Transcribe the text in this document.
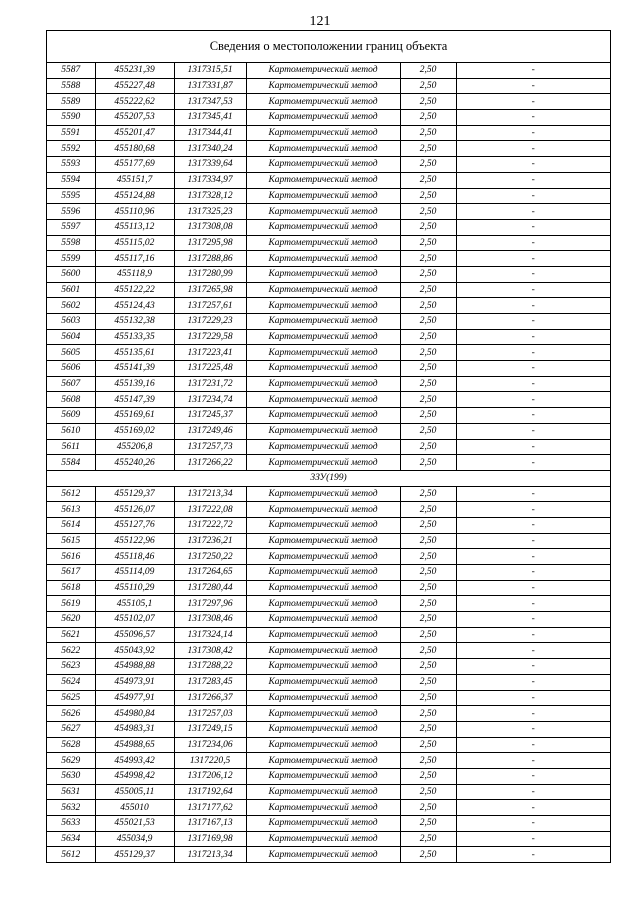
121
Сведения о местоположении границ объекта
5587	455231,39	1317315,51	Картометрический метод	2,50	-
5588	455227,48	1317331,87	Картометрический метод	2,50	-
5589	455222,62	1317347,53	Картометрический метод	2,50	-
5590	455207,53	1317345,41	Картометрический метод	2,50	-
5591	455201,47	1317344,41	Картометрический метод	2,50	-
5592	455180,68	1317340,24	Картометрический метод	2,50	-
5593	455177,69	1317339,64	Картометрический метод	2,50	-
5594	455151,7	1317334,97	Картометрический метод	2,50	-
5595	455124,88	1317328,12	Картометрический метод	2,50	-
5596	455110,96	1317325,23	Картометрический метод	2,50	-
5597	455113,12	1317308,08	Картометрический метод	2,50	-
5598	455115,02	1317295,98	Картометрический метод	2,50	-
5599	455117,16	1317288,86	Картометрический метод	2,50	-
5600	455118,9	1317280,99	Картометрический метод	2,50	-
5601	455122,22	1317265,98	Картометрический метод	2,50	-
5602	455124,43	1317257,61	Картометрический метод	2,50	-
5603	455132,38	1317229,23	Картометрический метод	2,50	-
5604	455133,35	1317229,58	Картометрический метод	2,50	-
5605	455135,61	1317223,41	Картометрический метод	2,50	-
5606	455141,39	1317225,48	Картометрический метод	2,50	-
5607	455139,16	1317231,72	Картометрический метод	2,50	-
5608	455147,39	1317234,74	Картометрический метод	2,50	-
5609	455169,61	1317245,37	Картометрический метод	2,50	-
5610	455169,02	1317249,46	Картометрический метод	2,50	-
5611	455206,8	1317257,73	Картометрический метод	2,50	-
5584	455240,26	1317266,22	Картометрический метод	2,50	-
3ЗУ(199)					
5612	455129,37	1317213,34	Картометрический метод	2,50	-
5613	455126,07	1317222,08	Картометрический метод	2,50	-
5614	455127,76	1317222,72	Картометрический метод	2,50	-
5615	455122,96	1317236,21	Картометрический метод	2,50	-
5616	455118,46	1317250,22	Картометрический метод	2,50	-
5617	455114,09	1317264,65	Картометрический метод	2,50	-
5618	455110,29	1317280,44	Картометрический метод	2,50	-
5619	455105,1	1317297,96	Картометрический метод	2,50	-
5620	455102,07	1317308,46	Картометрический метод	2,50	-
5621	455096,57	1317324,14	Картометрический метод	2,50	-
5622	455043,92	1317308,42	Картометрический метод	2,50	-
5623	454988,88	1317288,22	Картометрический метод	2,50	-
5624	454973,91	1317283,45	Картометрический метод	2,50	-
5625	454977,91	1317266,37	Картометрический метод	2,50	-
5626	454980,84	1317257,03	Картометрический метод	2,50	-
5627	454983,31	1317249,15	Картометрический метод	2,50	-
5628	454988,65	1317234,06	Картометрический метод	2,50	-
5629	454993,42	1317220,5	Картометрический метод	2,50	-
5630	454998,42	1317206,12	Картометрический метод	2,50	-
5631	455005,11	1317192,64	Картометрический метод	2,50	-
5632	455010	1317177,62	Картометрический метод	2,50	-
5633	455021,53	1317167,13	Картометрический метод	2,50	-
5634	455034,9	1317169,98	Картометрический метод	2,50	-
5612	455129,37	1317213,34	Картометрический метод	2,50	-
